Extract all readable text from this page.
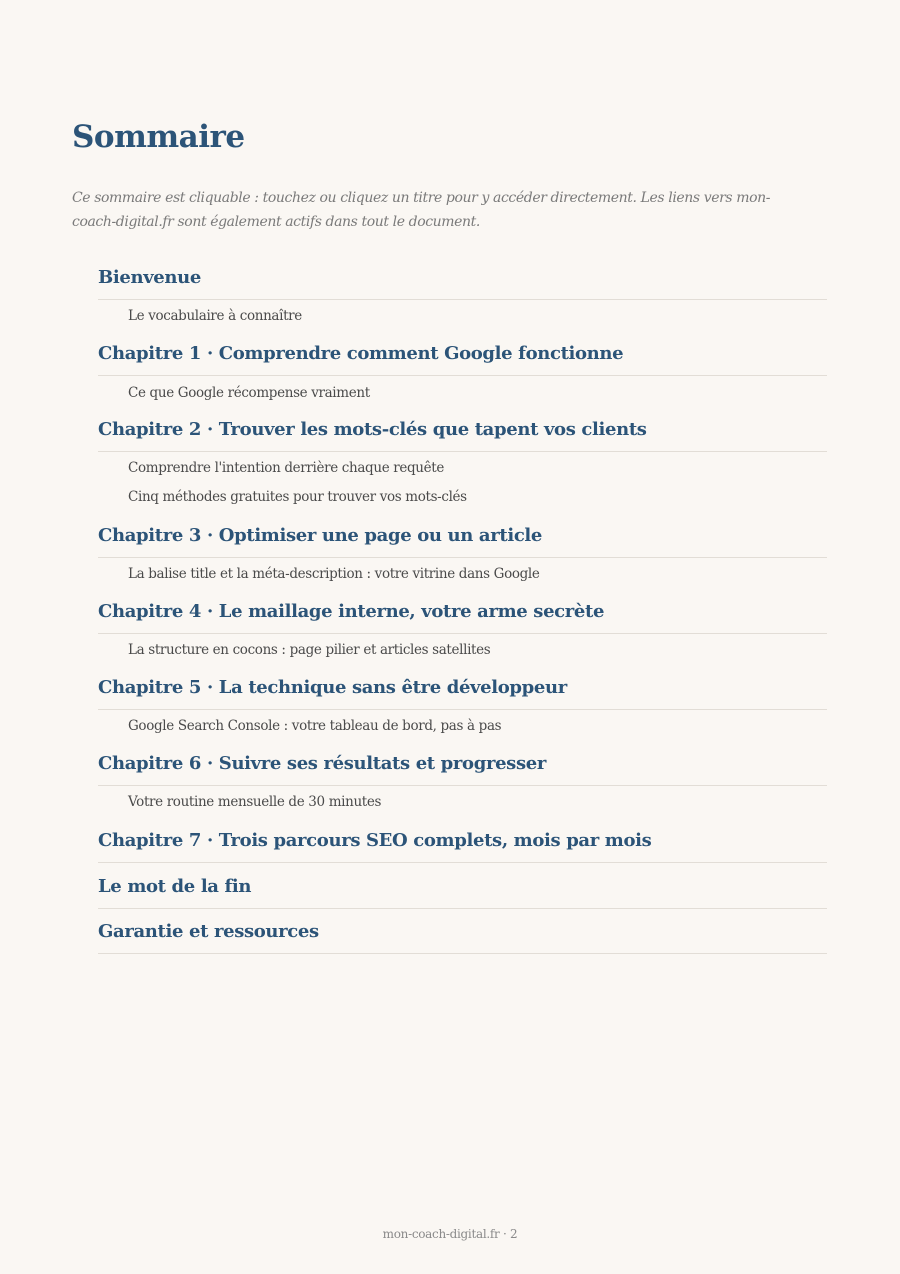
Sommaire

Ce sommaire est cliquable : touchez ou cliquez un titre pour y accéder directement. Les liens vers mon-coach-digital.fr sont également actifs dans tout le document.

Bienvenue
Le vocabulaire à connaître
Chapitre 1 · Comprendre comment Google fonctionne
Ce que Google récompense vraiment
Chapitre 2 · Trouver les mots-clés que tapent vos clients
Comprendre l'intention derrière chaque requête
Cinq méthodes gratuites pour trouver vos mots-clés
Chapitre 3 · Optimiser une page ou un article
La balise title et la méta-description : votre vitrine dans Google
Chapitre 4 · Le maillage interne, votre arme secrète
La structure en cocons : page pilier et articles satellites
Chapitre 5 · La technique sans être développeur
Google Search Console : votre tableau de bord, pas à pas
Chapitre 6 · Suivre ses résultats et progresser
Votre routine mensuelle de 30 minutes
Chapitre 7 · Trois parcours SEO complets, mois par mois
Le mot de la fin
Garantie et ressources
mon-coach-digital.fr · 2
